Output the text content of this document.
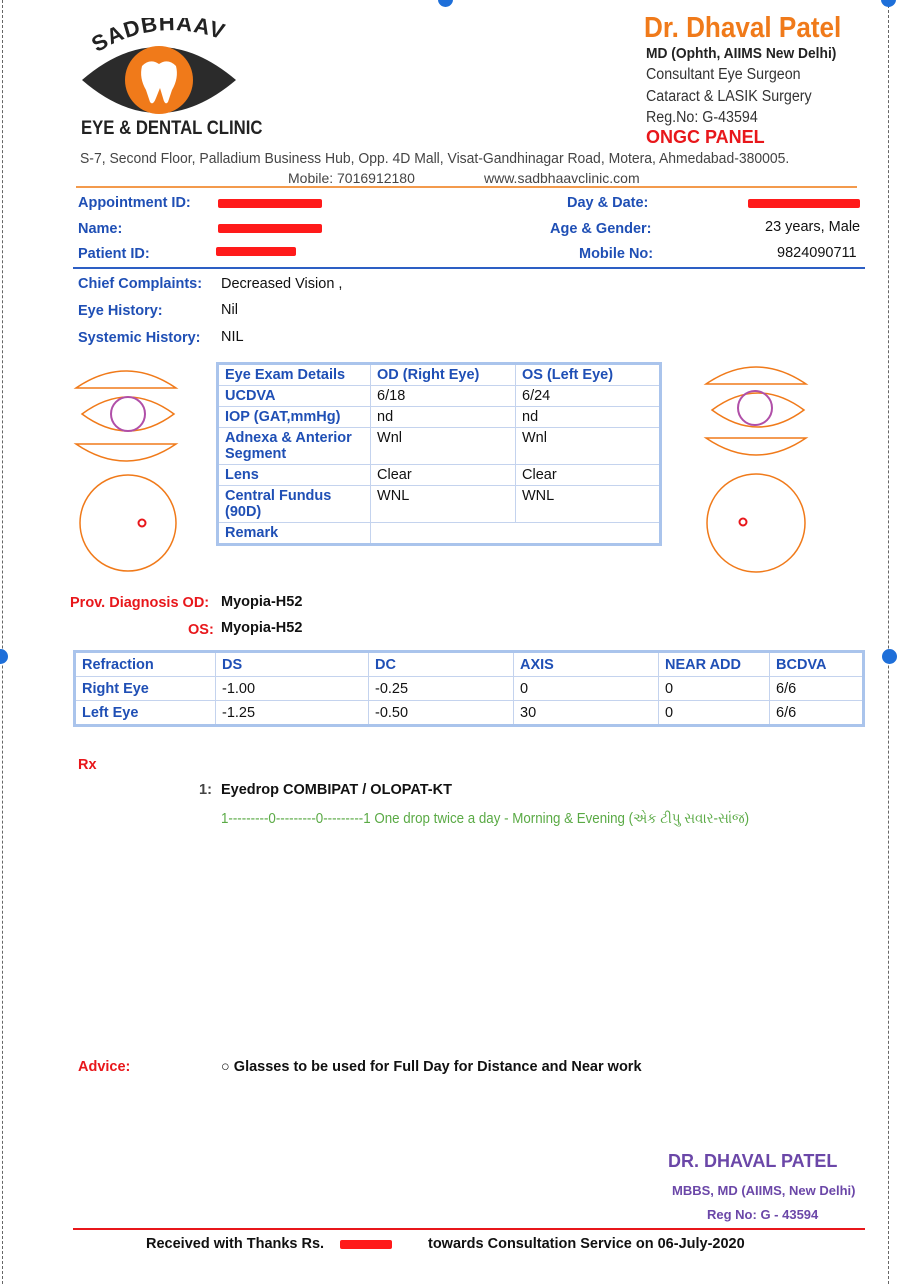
SADBHAAV
EYE & DENTAL CLINIC
Dr. Dhaval Patel
MD (Ophth, AIIMS New Delhi)
Consultant Eye Surgeon
Cataract & LASIK Surgery
Reg.No: G-43594
ONGC PANEL
S-7, Second Floor, Palladium Business Hub, Opp. 4D Mall, Visat-Gandhinagar Road, Motera, Ahmedabad-380005.
Mobile: 7016912180	www.sadbhaavclinic.com
Appointment ID:
Name:
Patient ID:
Day & Date:
Age & Gender:	23 years, Male
Mobile No:	9824090711
Chief Complaints: Decreased Vision ,
Eye History:	Nil
Systemic History: NIL
Eye Exam Details	OD (Right Eye)	OS (Left Eye)
UCDVA	6/18	6/24
IOP (GAT,mmHg)	nd	nd
Adnexa & Anterior Segment	Wnl	Wnl
Lens	Clear	Clear
Central Fundus (90D)	WNL	WNL
Remark		
Prov. Diagnosis OD: Myopia-H52
OS: Myopia-H52
Refraction	DS	DC	AXIS	NEAR ADD	BCDVA
Right Eye	-1.00	-0.25	0	0	6/6
Left Eye	-1.25	-0.50	30	0	6/6
Rx
1: Eyedrop COMBIPAT / OLOPAT-KT
1---------0---------0---------1 One drop twice a day - Morning & Evening (એક ટીપુ સવાર-સાંજ)
Advice:	○ Glasses to be used for Full Day for Distance and Near work
DR. DHAVAL PATEL
MBBS, MD (AIIMS, New Delhi)
Reg No: G - 43594
Received with Thanks Rs.	towards Consultation Service on 06-July-2020
